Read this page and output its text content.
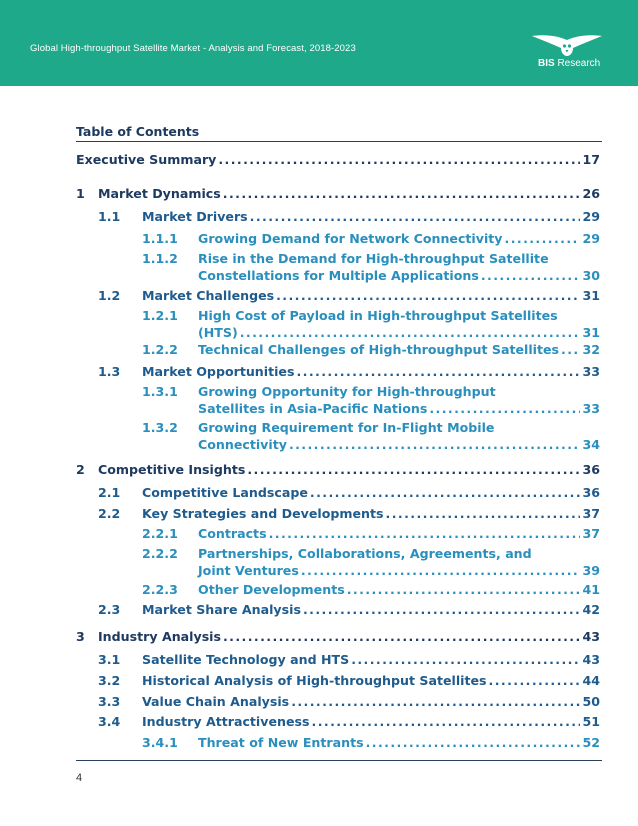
Global High-throughput Satellite Market - Analysis and Forecast, 2018-2023
BIS Research
Table of Contents
Executive Summary .....	17
1 Market Dynamics .....	26
1.1 Market Drivers .....	29
1.1.1 Growing Demand for Network Connectivity .....	29
1.1.2 Rise in the Demand for High-throughput Satellite
Constellations for Multiple Applications .....	30
1.2 Market Challenges .....	31
1.2.1 High Cost of Payload in High-throughput Satellites
(HTS) .....	31
1.2.2 Technical Challenges of High-throughput Satellites ..... 32
1.3 Market Opportunities .....	33
1.3.1 Growing Opportunity for High-throughput
Satellites in Asia-Pacific Nations .....	33
1.3.2 Growing Requirement for In-Flight Mobile
Connectivity .....	34
2 Competitive Insights .....	36
2.1 Competitive Landscape .....	36
2.2 Key Strategies and Developments .....	37
2.2.1 Contracts .....	37
2.2.2 Partnerships, Collaborations, Agreements, and
Joint Ventures .....	39
2.2.3 Other Developments .....	41
2.3 Market Share Analysis .....	42
3 Industry Analysis .....	43
3.1 Satellite Technology and HTS .....	43
3.2 Historical Analysis of High-throughput Satellites .....	44
3.3 Value Chain Analysis .....	50
3.4 Industry Attractiveness .....	51
3.4.1 Threat of New Entrants .....	52
4
